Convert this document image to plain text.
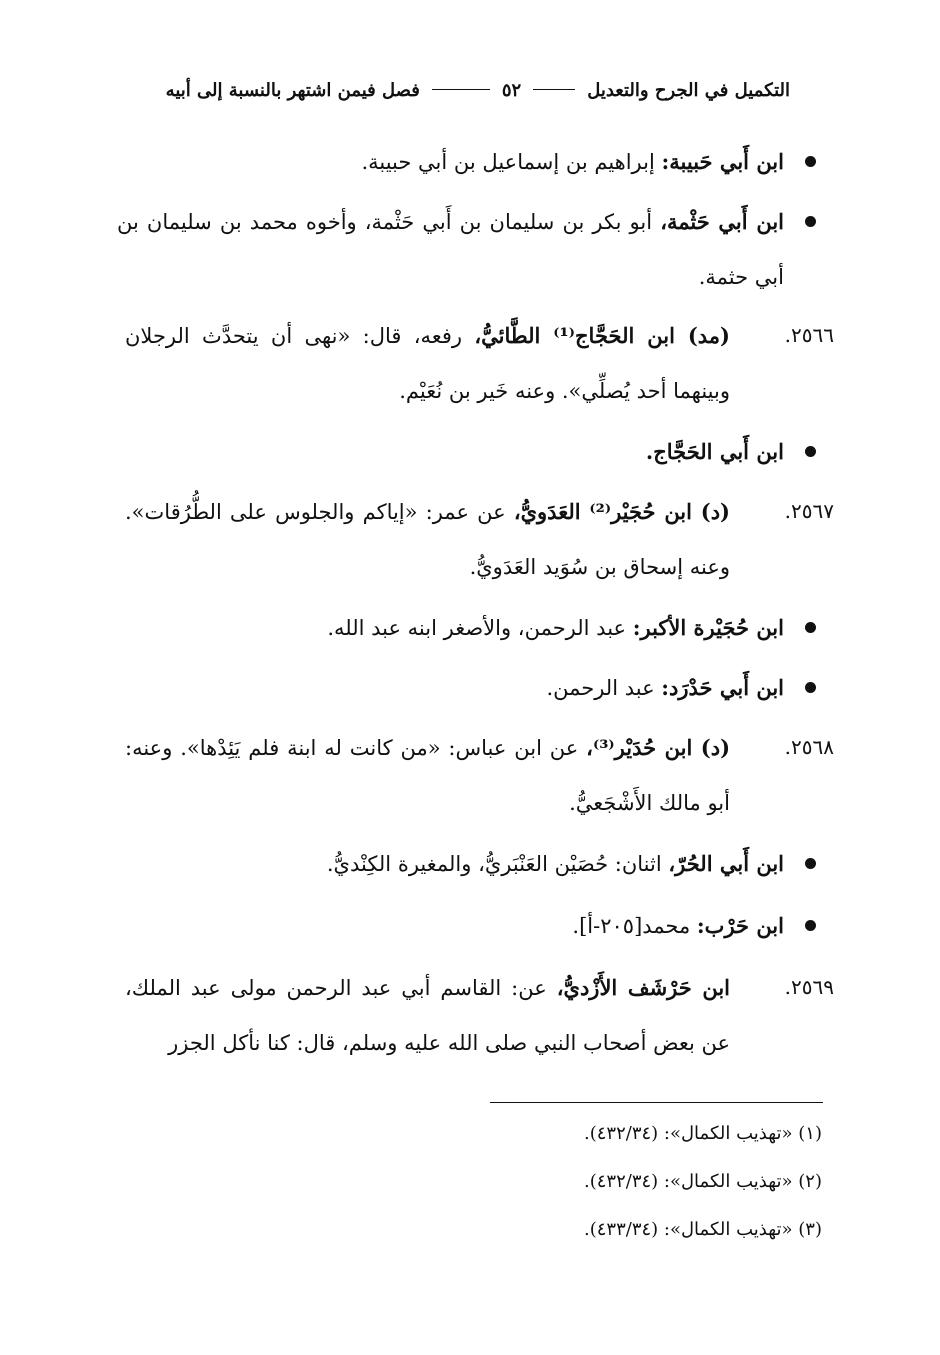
التكميل في الجرح والتعديل
٥٢
فصل فيمن اشتهر بالنسبة إلى أبيه
ابن أَبي حَبيبة: إبراهيم بن إسماعيل بن أبي حبيبة.
ابن أَبي حَثْمة، أبو بكر بن سليمان بن أَبي حَثْمة، وأخوه محمد بن سليمان بن أبي حثمة.
٢٥٦٦.
(مد) ابن الحَجَّاج⁽¹⁾ الطَّائيُّ، رفعه، قال: «نهى أن يتحدَّث الرجلان وبينهما أحد يُصلِّي». وعنه خَير بن نُعَيْم.
ابن أَبي الحَجَّاج.
٢٥٦٧.
(د) ابن حُجَيْر⁽²⁾ العَدَويُّ، عن عمر: «إياكم والجلوس على الطُّرُقات». وعنه إسحاق بن سُوَيد العَدَويُّ.
ابن حُجَيْرة الأكبر: عبد الرحمن، والأصغر ابنه عبد الله.
ابن أَبي حَدْرَد: عبد الرحمن.
٢٥٦٨.
(د) ابن حُدَيْر⁽³⁾، عن ابن عباس: «من كانت له ابنة فلم يَئِدْها». وعنه: أبو مالك الأَشْجَعيُّ.
ابن أَبي الحُرّ، اثنان: حُصَيْن العَنْبَريُّ، والمغيرة الكِنْديُّ.
ابن حَرْب: محمد[٢٠٥-أ].
٢٥٦٩.
ابن حَرْشَف الأَزْديُّ، عن: القاسم أبي عبد الرحمن مولى عبد الملك، عن بعض أصحاب النبي صلى الله عليه وسلم، قال: كنا نأكل الجزر
(١) «تهذيب الكمال»: (٤٣٢/٣٤).
(٢) «تهذيب الكمال»: (٤٣٢/٣٤).
(٣) «تهذيب الكمال»: (٤٣٣/٣٤).
